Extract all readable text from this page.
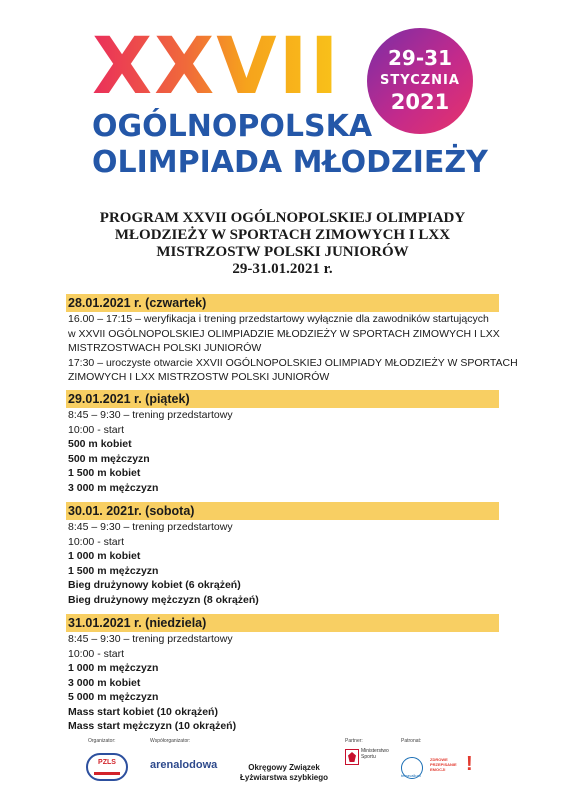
XXVII	29-31
STYCZNIA
2021
OGÓLNOPOLSKA
OLIMPIADA MŁODZIEŻY
PROGRAM XXVII OGÓLNOPOLSKIEJ OLIMPIADY
MŁODZIEŻY W SPORTACH ZIMOWYCH I LXX
MISTRZOSTW POLSKI JUNIORÓW
29-31.01.2021 r.
28.01.2021 r. (czwartek)
16.00 – 17:15 – weryfikacja i trening przedstartowy wyłącznie dla zawodników startujących
w XXVII OGÓLNOPOLSKIEJ OLIMPIADZIE MŁODZIEŻY W SPORTACH ZIMOWYCH I LXX
MISTRZOSTWACH POLSKI JUNIORÓW
17:30 – uroczyste otwarcie XXVII OGÓLNOPOLSKIEJ OLIMPIADY MŁODZIEŻY W SPORTACH
ZIMOWYCH I LXX MISTRZOSTW POLSKI JUNIORÓW
29.01.2021 r. (piątek)
8:45 – 9:30 – trening przedstartowy
10:00 - start
500 m kobiet
500 m mężczyzn
1 500 m kobiet
3 000 m mężczyzn
30.01. 2021r. (sobota)
8:45 – 9:30 – trening przedstartowy
10:00 - start
1 000 m kobiet
1 500 m mężczyzn
Bieg drużynowy kobiet (6 okrążeń)
Bieg drużynowy mężczyzn (8 okrążeń)
31.01.2021 r. (niedziela)
8:45 – 9:30 – trening przedstartowy
10:00 - start
1 000 m mężczyzn
3 000 m kobiet
5 000 m mężczyzn
Mass start kobiet (10 okrążeń)
Mass start mężczyzn (10 okrążeń)
Organizator:	Współorganizator:	Partner:	Patronat:
PZLS	arenalodowa	Okręgowy Związek
Łyżwiarstwa szybkiego
Ministerstwo
Sportu
terravallum
ZDROWE PRZEPISANIE EMOCJI	!
